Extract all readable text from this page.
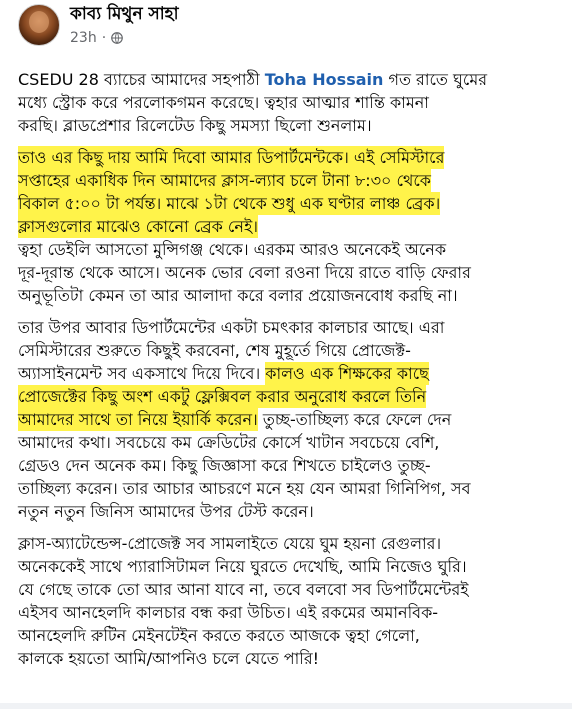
কাব্য মিথুন সাহা
23h ·
CSEDU 28 ব্যাচের আমাদের সহপাঠী Toha Hossain গত রাতে ঘুমের
মধ্যে স্ট্রোক করে পরলোকগমন করেছে। ত্বহার আত্মার শান্তি কামনা
করছি। ব্লাডপ্রেশার রিলেটেড কিছু সমস্যা ছিলো শুনলাম।
তাও এর কিছু দায় আমি দিবো আমার ডিপার্টমেন্টকে। এই সেমিস্টারে
সপ্তাহের একাধিক দিন আমাদের ক্লাস-ল্যাব চলে টানা ৮:৩০ থেকে
বিকাল ৫:০০ টা পর্যন্ত। মাঝে ১টা থেকে শুধু এক ঘণ্টার লাঞ্চ ব্রেক।
ক্লাসগুলোর মাঝেও কোনো ব্রেক নেই।
ত্বহা ডেইলি আসতো মুন্সিগঞ্জ থেকে। এরকম আরও অনেকেই অনেক
দূর-দূরান্ত থেকে আসে। অনেক ভোর বেলা রওনা দিয়ে রাতে বাড়ি ফেরার
অনুভূতিটা কেমন তা আর আলাদা করে বলার প্রয়োজনবোধ করছি না।
তার উপর আবার ডিপার্টমেন্টের একটা চমৎকার কালচার আছে। এরা
সেমিস্টারের শুরুতে কিছুই করবেনা, শেষ মুহূর্তে গিয়ে প্রোজেক্ট-
অ্যাসাইনমেন্ট সব একসাথে দিয়ে দিবে। কালও এক শিক্ষকের কাছে
প্রোজেক্টের কিছু অংশ একটু ফ্লেক্সিবল করার অনুরোধ করলে তিনি
আমাদের সাথে তা নিয়ে ইয়ার্কি করেন। তুচ্ছ-তাচ্ছিল্য করে ফেলে দেন
আমাদের কথা। সবচেয়ে কম ক্রেডিটের কোর্সে খাটান সবচেয়ে বেশি,
গ্রেডও দেন অনেক কম। কিছু জিজ্ঞাসা করে শিখতে চাইলেও তুচ্ছ-
তাচ্ছিল্য করেন। তার আচার আচরণে মনে হয় যেন আমরা গিনিপিগ, সব
নতুন নতুন জিনিস আমাদের উপর টেস্ট করেন।
ক্লাস-অ্যাটেন্ডেন্স-প্রোজেক্ট সব সামলাইতে যেয়ে ঘুম হয়না রেগুলার।
অনেককেই সাথে প্যারাসিটামল নিয়ে ঘুরতে দেখেছি, আমি নিজেও ঘুরি।
যে গেছে তাকে তো আর আনা যাবে না, তবে বলবো সব ডিপার্টমেন্টেরই
এইসব আনহেলদি কালচার বন্ধ করা উচিত। এই রকমের অমানবিক-
আনহেলদি রুটিন মেইনটেইন করতে করতে আজকে ত্বহা গেলো,
কালকে হয়তো আমি/আপনিও চলে যেতে পারি!
